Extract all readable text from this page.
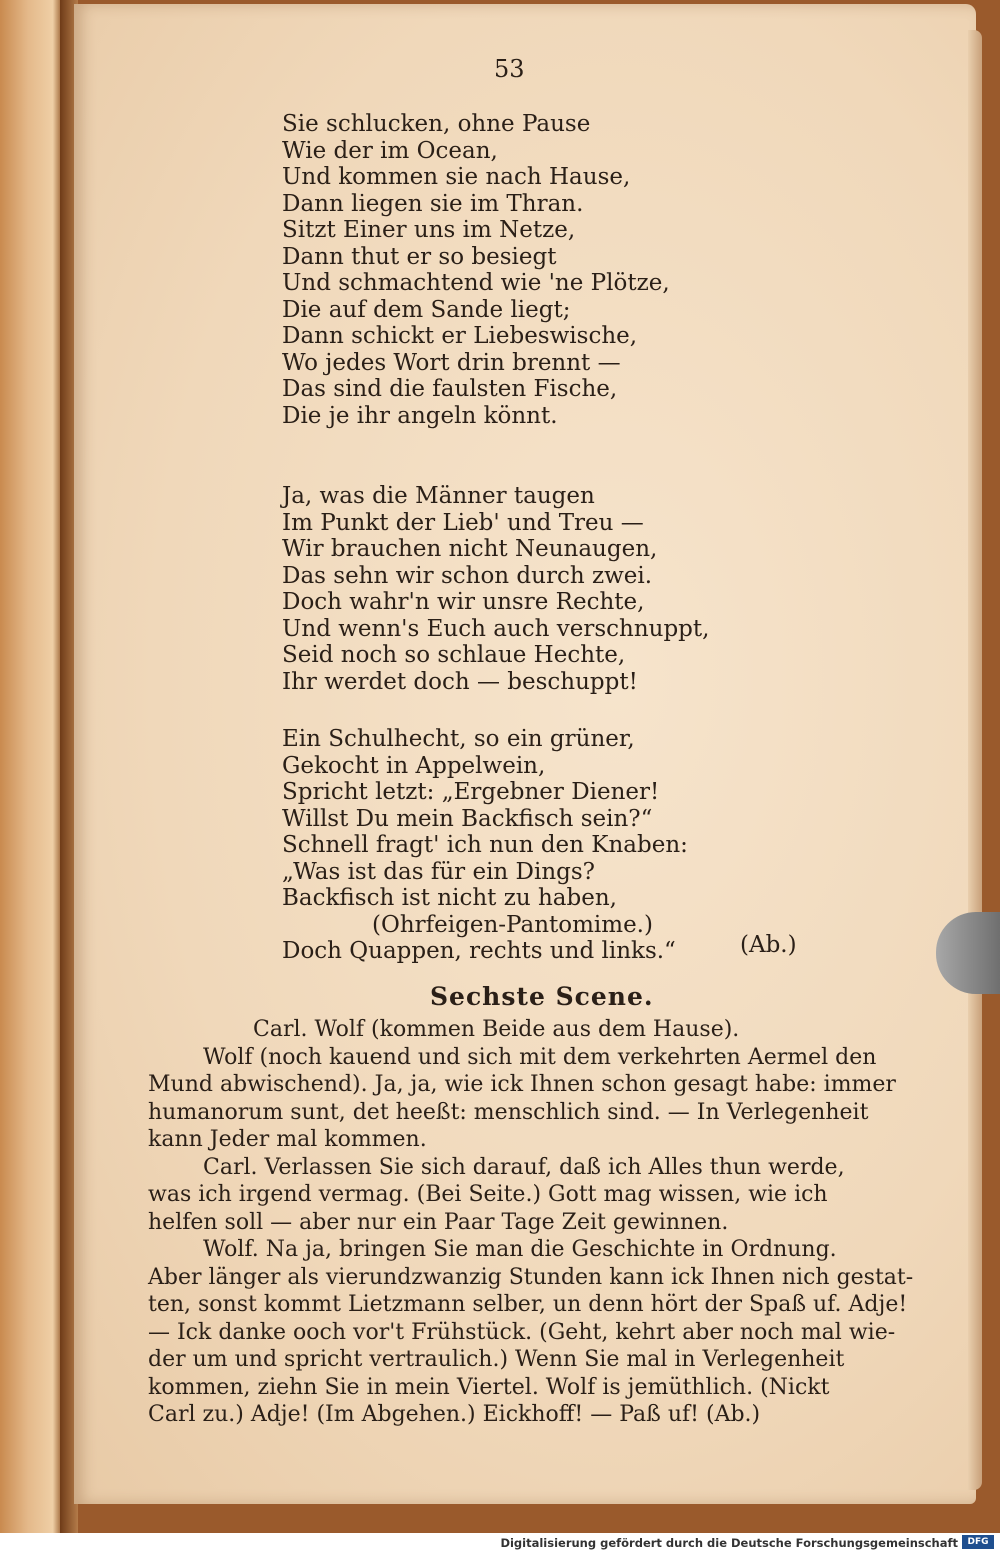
53
Sie schlucken, ohne Pause
Wie der im Ocean,
Und kommen sie nach Hause,
Dann liegen sie im Thran.
Sitzt Einer uns im Netze,
Dann thut er so besiegt
Und schmachtend wie 'ne Plötze,
Die auf dem Sande liegt;
Dann schickt er Liebeswische,
Wo jedes Wort drin brennt —
Das sind die faulsten Fische,
Die je ihr angeln könnt.
Ja, was die Männer taugen
Im Punkt der Lieb' und Treu —
Wir brauchen nicht Neunaugen,
Das sehn wir schon durch zwei.
Doch wahr'n wir unsre Rechte,
Und wenn's Euch auch verschnuppt,
Seid noch so schlaue Hechte,
Ihr werdet doch — beschuppt!
Ein Schulhecht, so ein grüner,
Gekocht in Appelwein,
Spricht letzt: „Ergebner Diener!
Willst Du mein Backfisch sein?“
Schnell fragt' ich nun den Knaben:
„Was ist das für ein Dings?
Backfisch ist nicht zu haben,
(Ohrfeigen-Pantomime.)
Doch Quappen, rechts und links.“	(Ab.)
Sechste Scene.
Carl. Wolf (kommen Beide aus dem Hause).
Wolf (noch kauend und sich mit dem verkehrten Aermel den
Mund abwischend). Ja, ja, wie ick Ihnen schon gesagt habe: immer
humanorum sunt, det heeßt: menschlich sind. — In Verlegenheit
kann Jeder mal kommen.
Carl. Verlassen Sie sich darauf, daß ich Alles thun werde,
was ich irgend vermag. (Bei Seite.) Gott mag wissen, wie ich
helfen soll — aber nur ein Paar Tage Zeit gewinnen.
Wolf. Na ja, bringen Sie man die Geschichte in Ordnung.
Aber länger als vierundzwanzig Stunden kann ick Ihnen nich gestat-
ten, sonst kommt Lietzmann selber, un denn hört der Spaß uf. Adje!
— Ick danke ooch vor't Frühstück. (Geht, kehrt aber noch mal wie-
der um und spricht vertraulich.) Wenn Sie mal in Verlegenheit
kommen, ziehn Sie in mein Viertel. Wolf is jemüthlich. (Nickt
Carl zu.) Adje! (Im Abgehen.) Eickhoff! — Paß uf! (Ab.)
Digitalisierung gefördert durch die Deutsche Forschungsgemeinschaft	DFG
